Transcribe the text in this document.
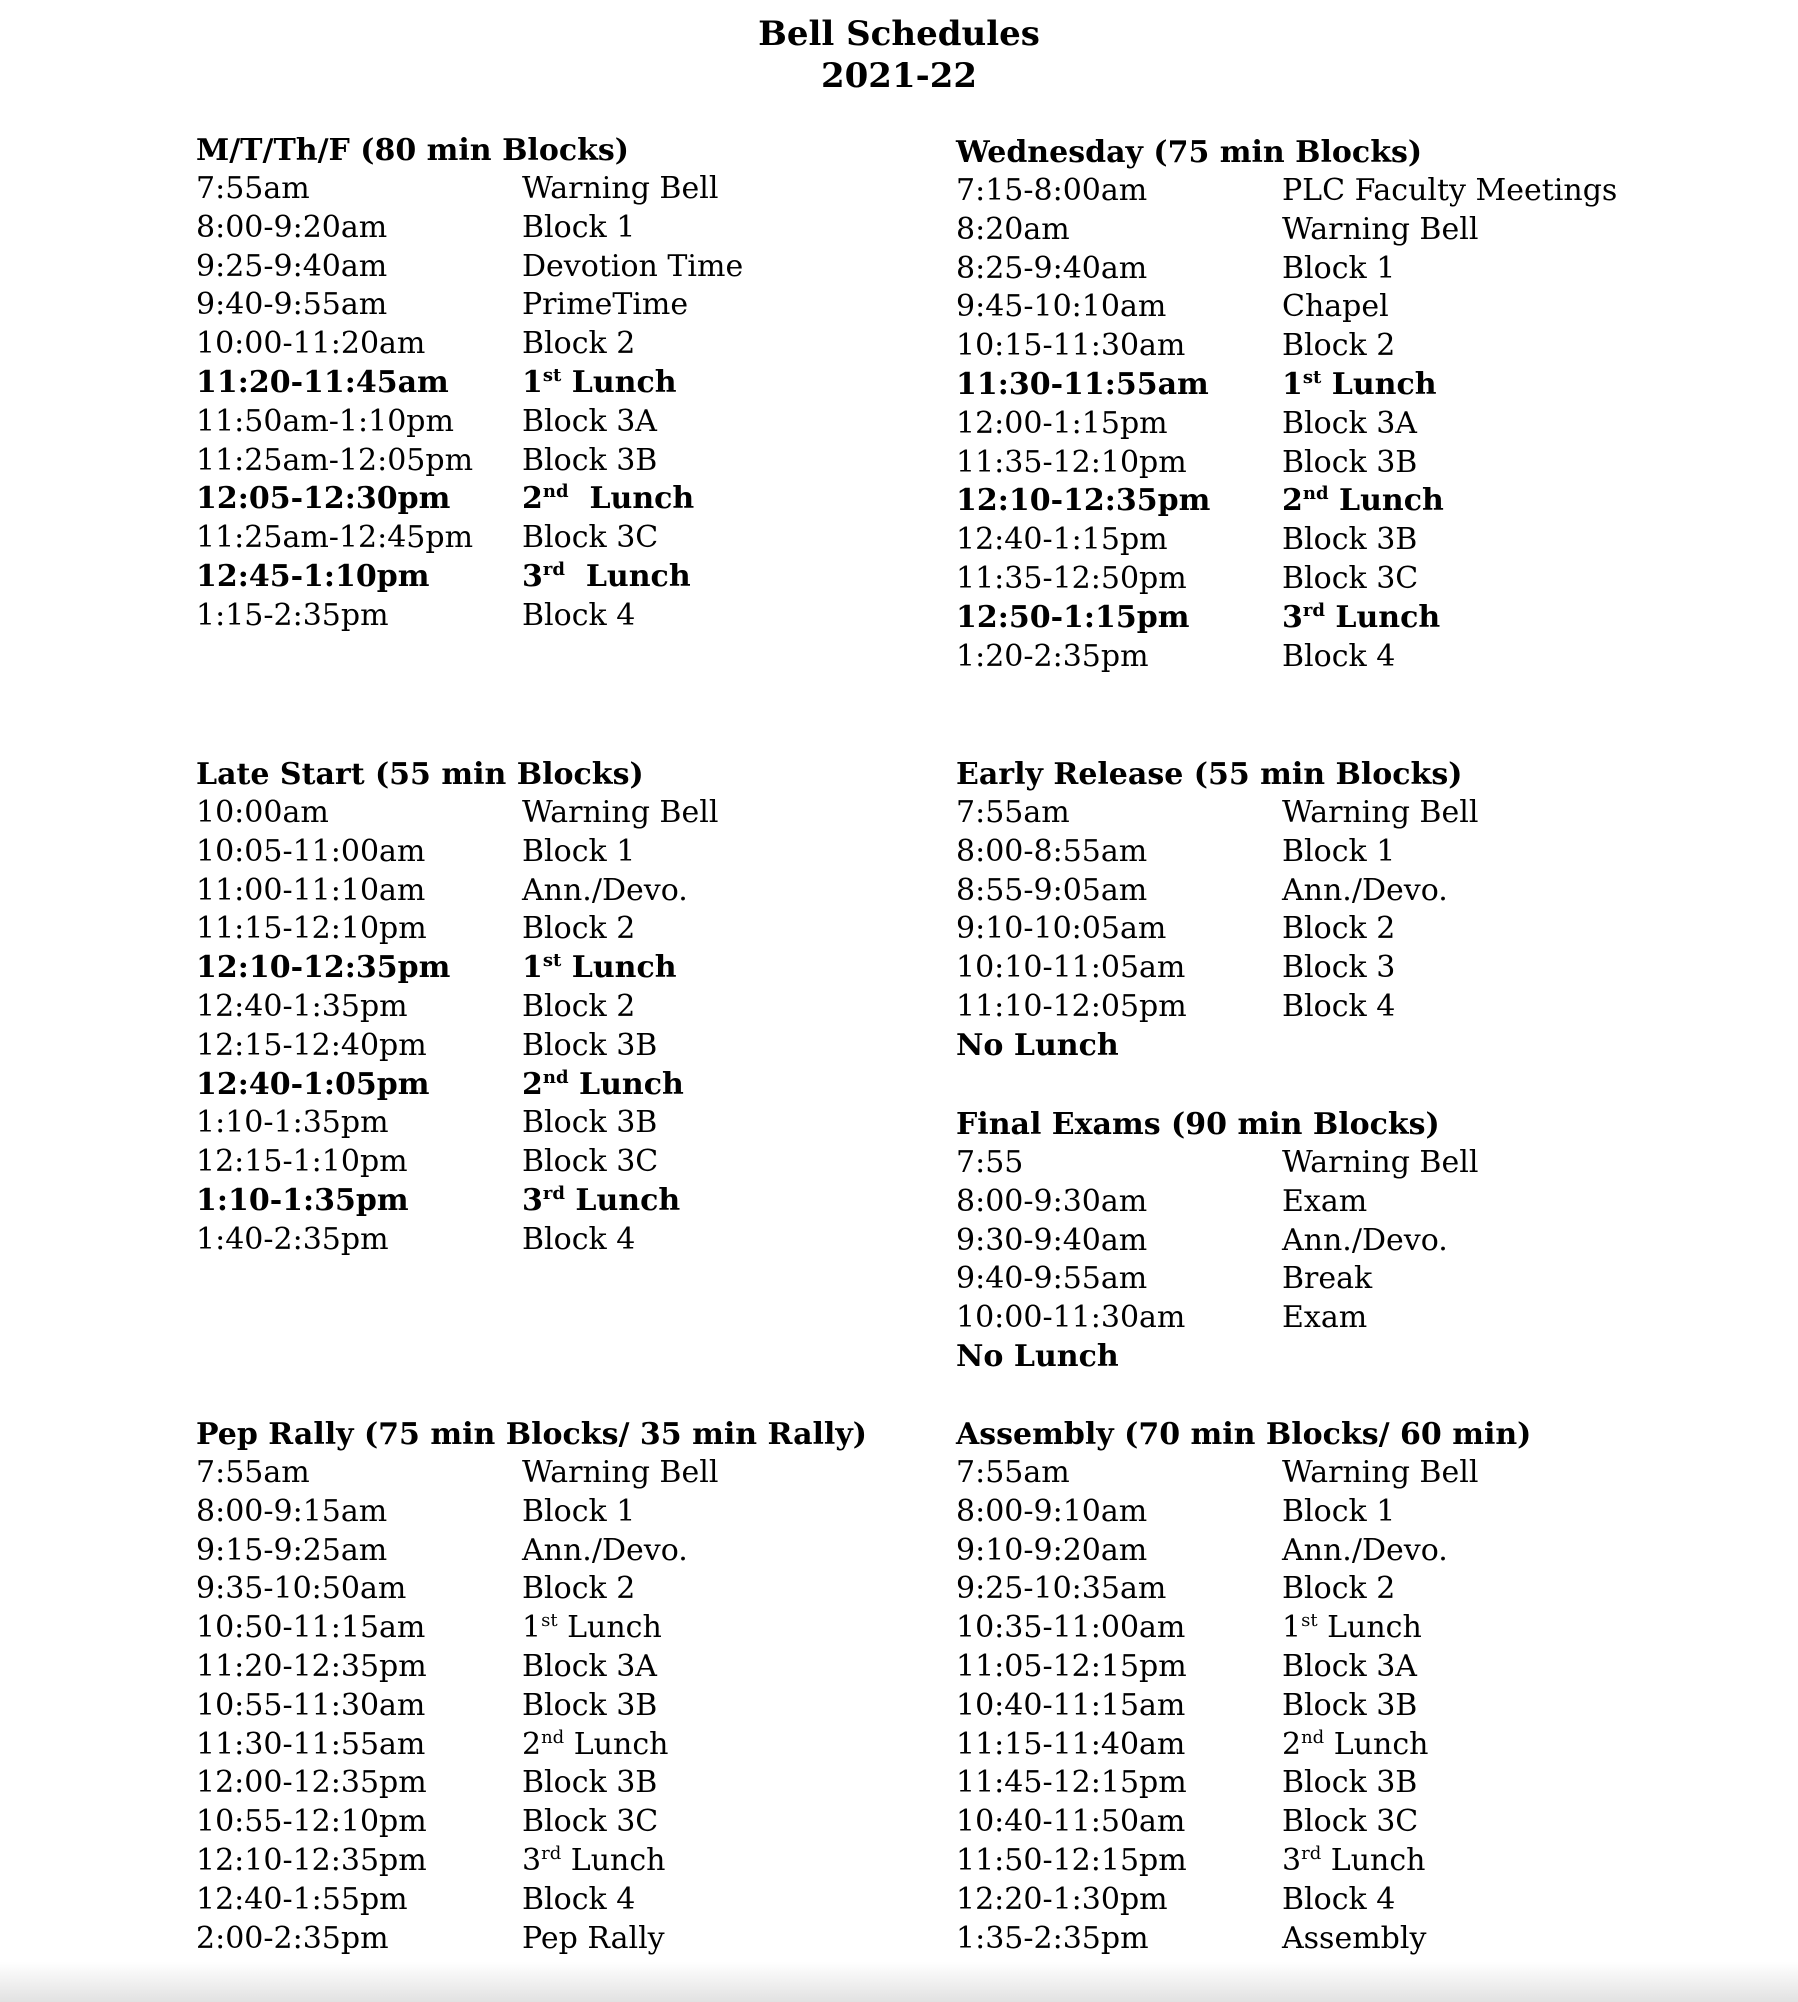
Bell Schedules
2021-22
M/T/Th/F (80 min Blocks)
7:55am	Warning Bell
8:00-9:20am	Block 1
9:25-9:40am	Devotion Time
9:40-9:55am	PrimeTime
10:00-11:20am	Block 2
11:20-11:45am	1st Lunch
11:50am-1:10pm	Block 3A
11:25am-12:05pm	Block 3B
12:05-12:30pm	2nd  Lunch
11:25am-12:45pm	Block 3C
12:45-1:10pm	3rd  Lunch
1:15-2:35pm	Block 4
Wednesday (75 min Blocks)
7:15-8:00am	PLC Faculty Meetings
8:20am	Warning Bell
8:25-9:40am	Block 1
9:45-10:10am	Chapel
10:15-11:30am	Block 2
11:30-11:55am	1st Lunch
12:00-1:15pm	Block 3A
11:35-12:10pm	Block 3B
12:10-12:35pm	2nd Lunch
12:40-1:15pm	Block 3B
11:35-12:50pm	Block 3C
12:50-1:15pm	3rd Lunch
1:20-2:35pm	Block 4
Late Start (55 min Blocks)
10:00am	Warning Bell
10:05-11:00am	Block 1
11:00-11:10am	Ann./Devo.
11:15-12:10pm	Block 2
12:10-12:35pm	1st Lunch
12:40-1:35pm	Block 2
12:15-12:40pm	Block 3B
12:40-1:05pm	2nd Lunch
1:10-1:35pm	Block 3B
12:15-1:10pm	Block 3C
1:10-1:35pm	3rd Lunch
1:40-2:35pm	Block 4
Early Release (55 min Blocks)
7:55am	Warning Bell
8:00-8:55am	Block 1
8:55-9:05am	Ann./Devo.
9:10-10:05am	Block 2
10:10-11:05am	Block 3
11:10-12:05pm	Block 4
No Lunch
Final Exams (90 min Blocks)
7:55	Warning Bell
8:00-9:30am	Exam
9:30-9:40am	Ann./Devo.
9:40-9:55am	Break
10:00-11:30am	Exam
No Lunch
Pep Rally (75 min Blocks/ 35 min Rally)
7:55am	Warning Bell
8:00-9:15am	Block 1
9:15-9:25am	Ann./Devo.
9:35-10:50am	Block 2
10:50-11:15am	1st Lunch
11:20-12:35pm	Block 3A
10:55-11:30am	Block 3B
11:30-11:55am	2nd Lunch
12:00-12:35pm	Block 3B
10:55-12:10pm	Block 3C
12:10-12:35pm	3rd Lunch
12:40-1:55pm	Block 4
2:00-2:35pm	Pep Rally
Assembly (70 min Blocks/ 60 min)
7:55am	Warning Bell
8:00-9:10am	Block 1
9:10-9:20am	Ann./Devo.
9:25-10:35am	Block 2
10:35-11:00am	1st Lunch
11:05-12:15pm	Block 3A
10:40-11:15am	Block 3B
11:15-11:40am	2nd Lunch
11:45-12:15pm	Block 3B
10:40-11:50am	Block 3C
11:50-12:15pm	3rd Lunch
12:20-1:30pm	Block 4
1:35-2:35pm	Assembly
